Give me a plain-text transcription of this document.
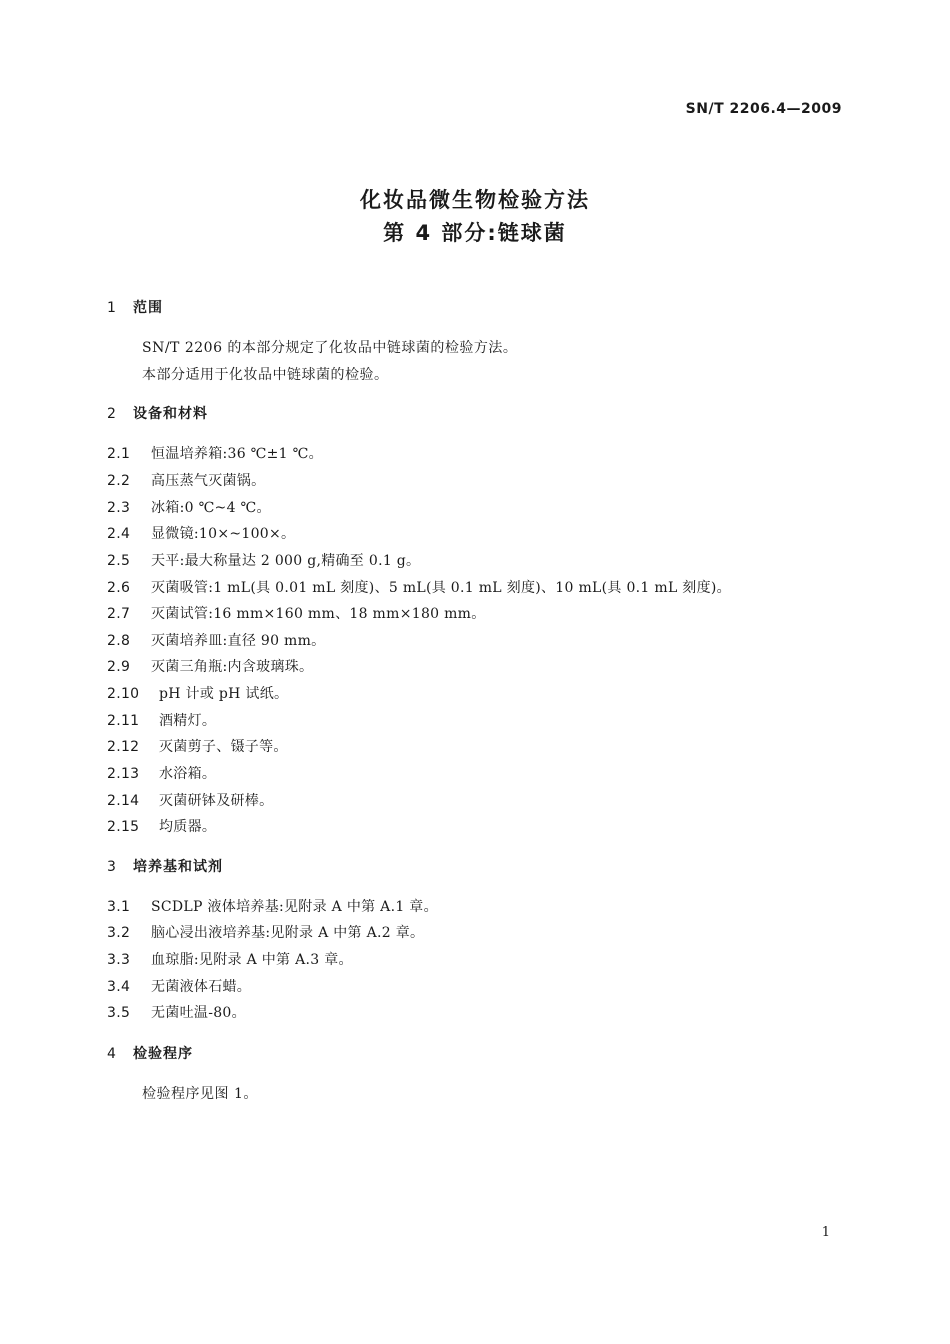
SN/T 2206.4—2009
化妆品微生物检验方法
第 4 部分:链球菌
1 范围
SN/T 2206 的本部分规定了化妆品中链球菌的检验方法。
本部分适用于化妆品中链球菌的检验。
2 设备和材料
2.1 恒温培养箱:36 ℃±1 ℃。
2.2 高压蒸气灭菌锅。
2.3 冰箱:0 ℃~4 ℃。
2.4 显微镜:10×~100×。
2.5 天平:最大称量达 2 000 g,精确至 0.1 g。
2.6 灭菌吸管:1 mL(具 0.01 mL 刻度)、5 mL(具 0.1 mL 刻度)、10 mL(具 0.1 mL 刻度)。
2.7 灭菌试管:16 mm×160 mm、18 mm×180 mm。
2.8 灭菌培养皿:直径 90 mm。
2.9 灭菌三角瓶:内含玻璃珠。
2.10 pH 计或 pH 试纸。
2.11 酒精灯。
2.12 灭菌剪子、镊子等。
2.13 水浴箱。
2.14 灭菌研钵及研棒。
2.15 均质器。
3 培养基和试剂
3.1 SCDLP 液体培养基:见附录 A 中第 A.1 章。
3.2 脑心浸出液培养基:见附录 A 中第 A.2 章。
3.3 血琼脂:见附录 A 中第 A.3 章。
3.4 无菌液体石蜡。
3.5 无菌吐温-80。
4 检验程序
检验程序见图 1。
1
